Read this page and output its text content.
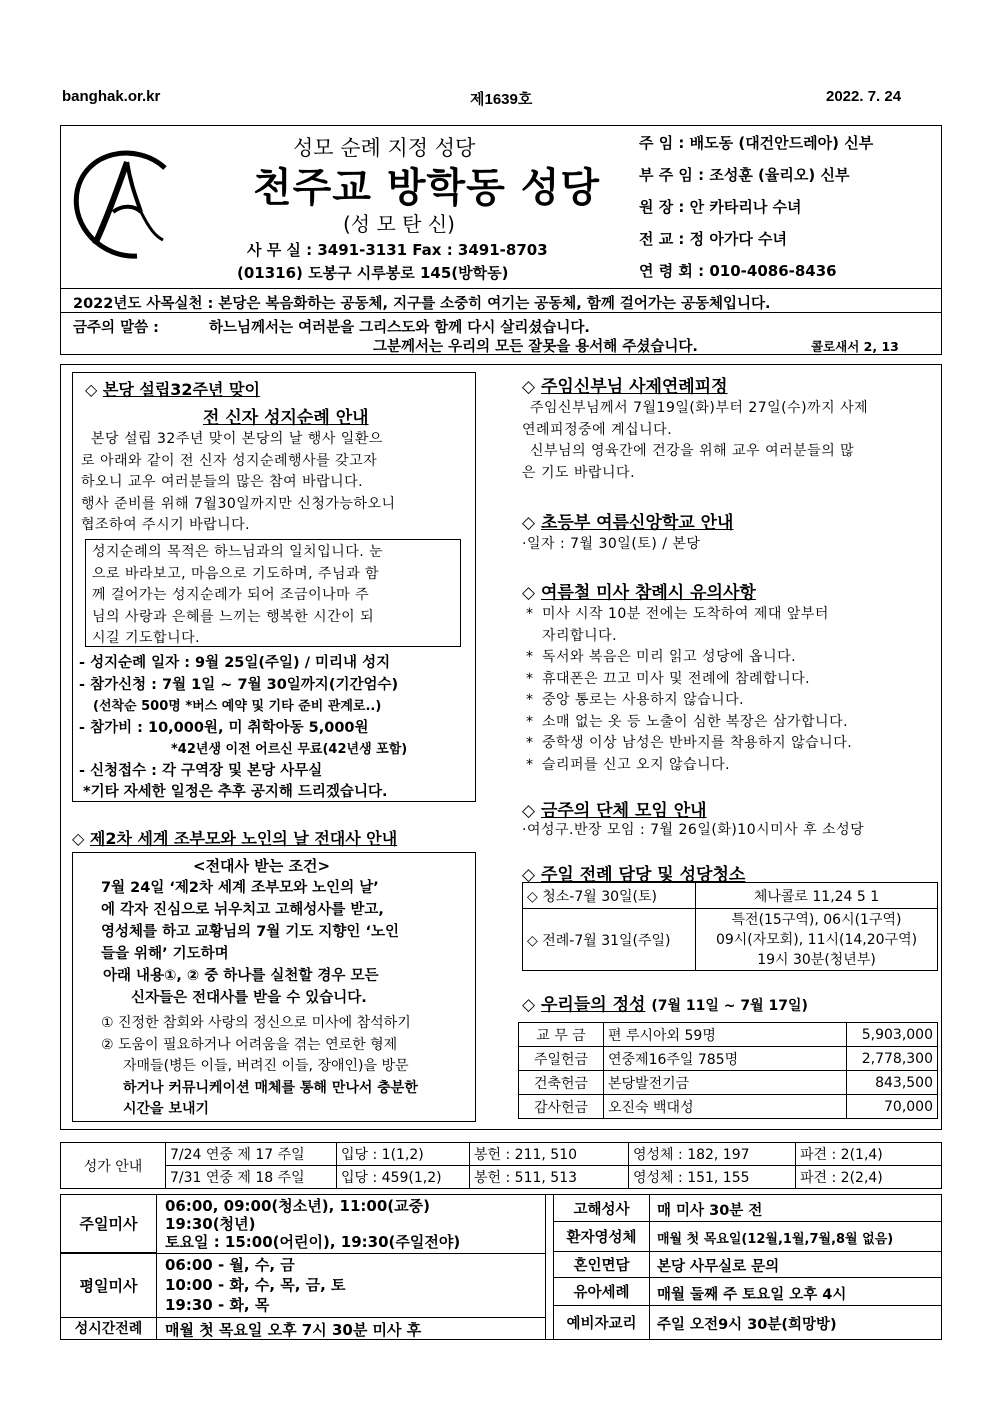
banghak.or.kr	제1639호	2022. 7. 24
성모 순례 지정 성당
천주교 방학동 성당
(성 모 탄 신)
사 무 실 : 3491-3131 Fax : 3491-8703
(01316) 도봉구 시루봉로 145(방학동)
주 임 : 배도동 (대건안드레아) 신부
부 주 임 : 조성훈 (율리오) 신부
원 장 : 안 카타리나 수녀
전 교 : 정 아가다 수녀
연 령 회 : 010-4086-8436
2022년도 사목실천 : 본당은 복음화하는 공동체, 지구를 소중히 여기는 공동체, 함께 걸어가는 공동체입니다.
금주의 말씀 :	하느님께서는 여러분을 그리스도와 함께 다시 살리셨습니다.
그분께서는 우리의 모든 잘못을 용서해 주셨습니다.	콜로새서 2, 13
◇ 본당 설립32주년 맞이
전 신자 성지순례 안내
본당 설립 32주년 맞이 본당의 날 행사 일환으
로 아래와 같이 전 신자 성지순례행사를 갖고자
하오니 교우 여러분들의 많은 참여 바랍니다.
행사 준비를 위해 7월30일까지만 신청가능하오니
협조하여 주시기 바랍니다.
성지순례의 목적은 하느님과의 일치입니다. 눈
으로 바라보고, 마음으로 기도하며, 주님과 함
께 걸어가는 성지순례가 되어 조금이나마 주
님의 사랑과 은혜를 느끼는 행복한 시간이 되
시길 기도합니다.
- 성지순례 일자 : 9월 25일(주일) / 미리내 성지
- 참가신청 : 7월 1일 ~ 7월 30일까지(기간엄수)
(선착순 500명 *버스 예약 및 기타 준비 관계로..)
- 참가비 : 10,000원, 미 취학아동 5,000원
*42년생 이전 어르신 무료(42년생 포함)
- 신청접수 : 각 구역장 및 본당 사무실
*기타 자세한 일정은 추후 공지해 드리겠습니다.
◇ 제2차 세계 조부모와 노인의 날 전대사 안내
<전대사 받는 조건>
7월 24일 ‘제2차 세계 조부모와 노인의 날’
에 각자 진심으로 뉘우치고 고해성사를 받고,
영성체를 하고 교황님의 7월 기도 지향인 ‘노인
들을 위해’ 기도하며
아래 내용①, ② 중 하나를 실천할 경우 모든
신자들은 전대사를 받을 수 있습니다.
① 진정한 참회와 사랑의 정신으로 미사에 참석하기
② 도움이 필요하거나 어려움을 겪는 연로한 형제
자매들(병든 이들, 버려진 이들, 장애인)을 방문
하거나 커뮤니케이션 매체를 통해 만나서 충분한
시간을 보내기
◇ 주임신부님 사제연례피정
주임신부님께서 7월19일(화)부터 27일(수)까지 사제
연례피정중에 계십니다.
신부님의 영육간에 건강을 위해 교우 여러분들의 많
은 기도 바랍니다.
◇ 초등부 여름신앙학교 안내
·일자 : 7월 30일(토) / 본당
◇ 여름철 미사 참례시 유의사항
* 미사 시작 10분 전에는 도착하여 제대 앞부터
자리합니다.
* 독서와 복음은 미리 읽고 성당에 옵니다.
* 휴대폰은 끄고 미사 및 전례에 참례합니다.
* 중앙 통로는 사용하지 않습니다.
* 소매 없는 옷 등 노출이 심한 복장은 삼가합니다.
* 중학생 이상 남성은 반바지를 착용하지 않습니다.
* 슬리퍼를 신고 오지 않습니다.
◇ 금주의 단체 모임 안내
·여성구.반장 모임 : 7월 26일(화)10시미사 후 소성당
◇ 주일 전례 담당 및 성당청소
◇ 청소-7월 30일(토)	체나콜로 11,24 5 1
◇ 전례-7월 31일(주일)	특전(15구역), 06시(1구역)
09시(자모회), 11시(14,20구역)
19시 30분(청년부)
◇ 우리들의 정성 (7월 11일 ~ 7월 17일)
교 무 금	편 루시아외 59명	5,903,000
주일헌금	연중제16주일 785명	2,778,300
건축헌금	본당발전기금	843,500
감사헌금	오진숙 백대성	70,000
성가 안내	7/24 연중 제 17 주일	입당 : 1(1,2)	봉헌 : 211, 510	영성체 : 182, 197	파견 : 2(1,4)
	7/31 연중 제 18 주일	입당 : 459(1,2)	봉헌 : 511, 513	영성체 : 151, 155	파견 : 2(2,4)
주일미사
06:00, 09:00(청소년), 11:00(교중)
19:30(청년)
토요일 : 15:00(어린이), 19:30(주일전야)
평일미사
06:00 - 월, 수, 금
10:00 - 화, 수, 목, 금, 토
19:30 - 화, 목
성시간전례	매월 첫 목요일 오후 7시 30분 미사 후
고해성사	매 미사 30분 전
환자영성체	매월 첫 목요일(12월,1월,7월,8월 없음)
혼인면담	본당 사무실로 문의
유아세례	매월 둘째 주 토요일 오후 4시
예비자교리	주일 오전9시 30분(희망방)
